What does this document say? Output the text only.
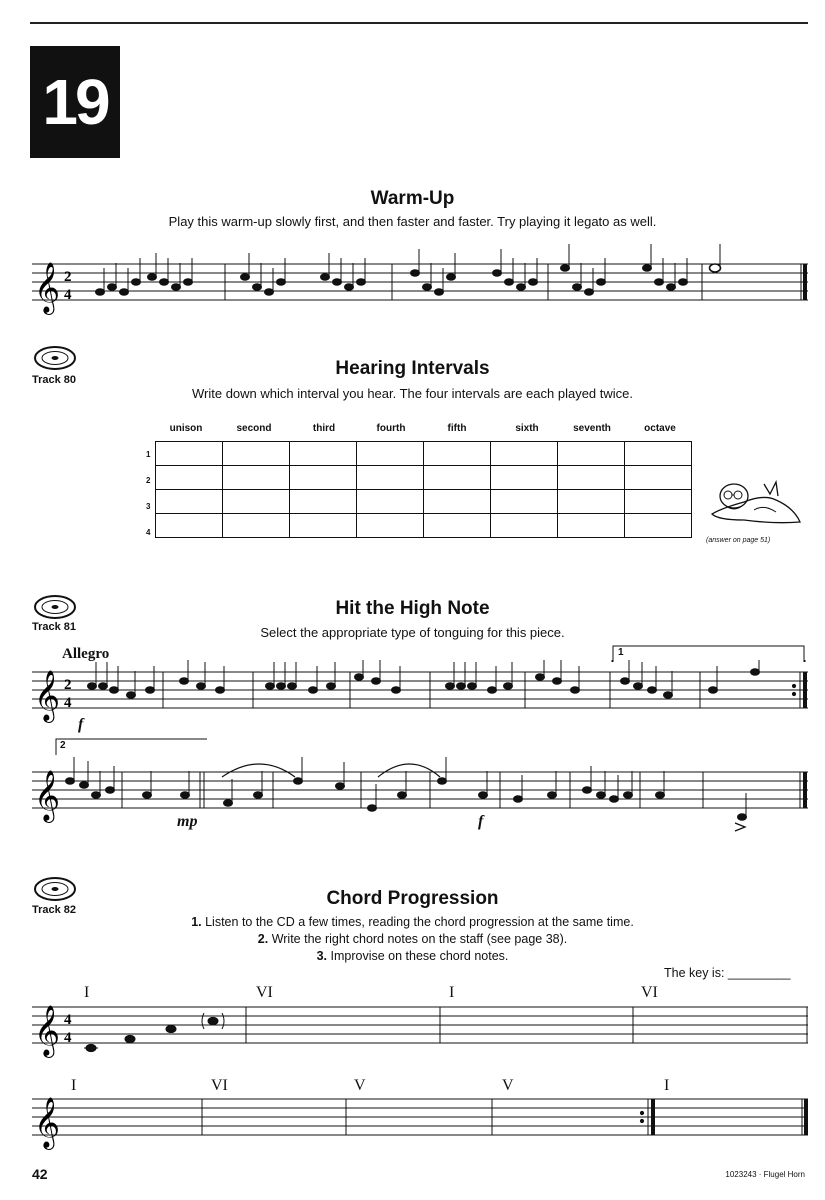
19
Warm-Up
Play this warm-up slowly first, and then faster and faster. Try playing it legato as well.
𝄞 2
4
Track 80
Hearing Intervals
Write down which interval you hear. The four intervals are each played twice.
unison	second	third	fourth	fifth	sixth	seventh	octave
1
2
3
4

(answer on page 51)
Track 81
Hit the High Note
Select the appropriate type of tonguing for this piece.
Allegro
𝄞 2
4
1
f
2
𝄞
mp	f
Track 82
Chord Progression
1. Listen to the CD a few times, reading the chord progression at the same time.
2. Write the right chord notes on the staff (see page 38).
3. Improvise on these chord notes.
The key is: _________
I	VI	I	VI
𝄞 4
4
I	VI	V	V	I
𝄞
42	1023243 · Flugel Horn
